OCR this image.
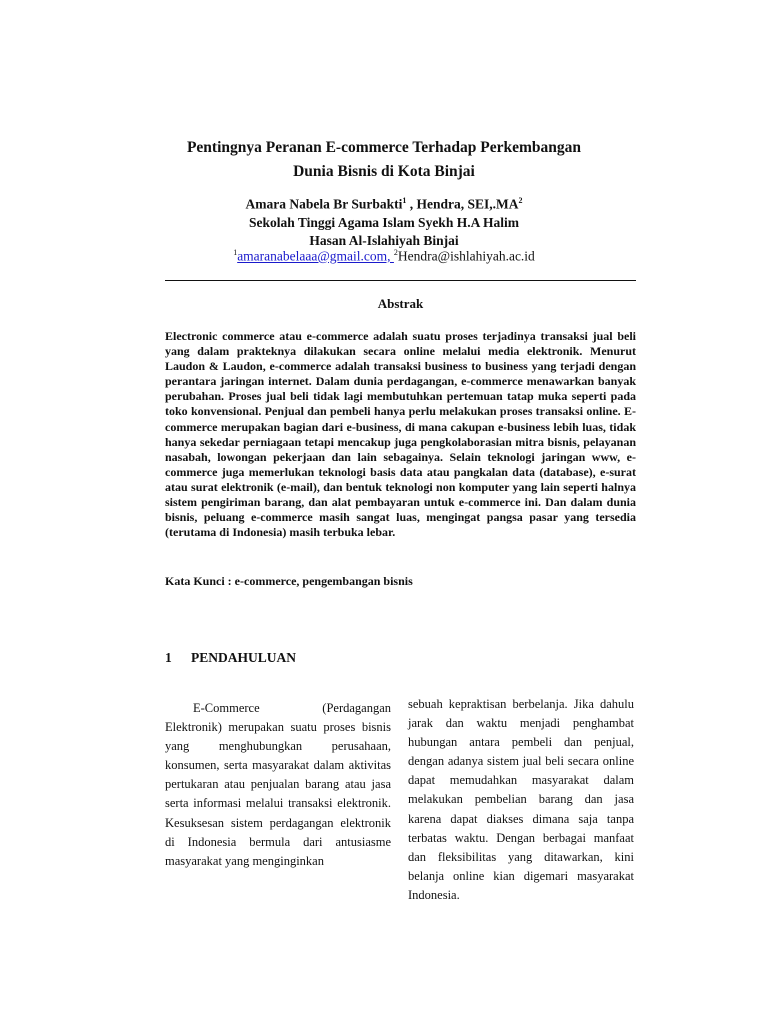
Pentingnya Peranan E-commerce Terhadap Perkembangan
Dunia Bisnis di Kota Binjai
Amara Nabela Br Surbakti$^1$ , Hendra, $SEI,.MA^2$
Sekolah Tinggi Agama Islam Syekh H.A Halim
Hasan Al-Islahiyah Binjai
$^1$amaranabelaaa@gmail.com, $^2$Hendra@ishlahiyah.ac.id
Abstrak
Electronic commerce atau e-commerce adalah suatu proses terjadinya transaksi jual beli yang dalam prakteknya dilakukan secara online melalui media elektronik. Menurut Laudon & Laudon, e-commerce adalah transaksi business to business yang terjadi dengan perantara jaringan internet. Dalam dunia perdagangan, e-commerce menawarkan banyak perubahan. Proses jual beli tidak lagi membutuhkan pertemuan tatap muka seperti pada toko konvensional. Penjual dan pembeli hanya perlu melakukan proses transaksi online. E-commerce merupakan bagian dari e-business, di mana cakupan e-business lebih luas, tidak hanya sekedar perniagaan tetapi mencakup juga pengkolaborasian mitra bisnis, pelayanan nasabah, lowongan pekerjaan dan lain sebagainya. Selain teknologi jaringan www, e-commerce juga memerlukan teknologi basis data atau pangkalan data (database), e-surat atau surat elektronik (e-mail), dan bentuk teknologi non komputer yang lain seperti halnya sistem pengiriman barang, dan alat pembayaran untuk e-commerce ini. Dan dalam dunia bisnis, peluang e-commerce masih sangat luas, mengingat pangsa pasar yang tersedia (terutama di Indonesia) masih terbuka lebar.
Kata Kunci : e-commerce, pengembangan bisnis
1 PENDAHULUAN
E-Commerce (Perdagangan Elektronik) merupakan suatu proses bisnis yang menghubungkan perusahaan, konsumen, serta masyarakat dalam aktivitas pertukaran atau penjualan barang atau jasa serta informasi melalui transaksi elektronik. Kesuksesan sistem perdagangan elektronik di Indonesia bermula dari antusiasme masyarakat yang menginginkan
sebuah kepraktisan berbelanja. Jika dahulu jarak dan waktu menjadi penghambat hubungan antara pembeli dan penjual, dengan adanya sistem jual beli secara online dapat memudahkan masyarakat dalam melakukan pembelian barang dan jasa karena dapat diakses dimana saja tanpa terbatas waktu. Dengan berbagai manfaat dan fleksibilitas yang ditawarkan, kini belanja online kian digemari masyarakat Indonesia.
